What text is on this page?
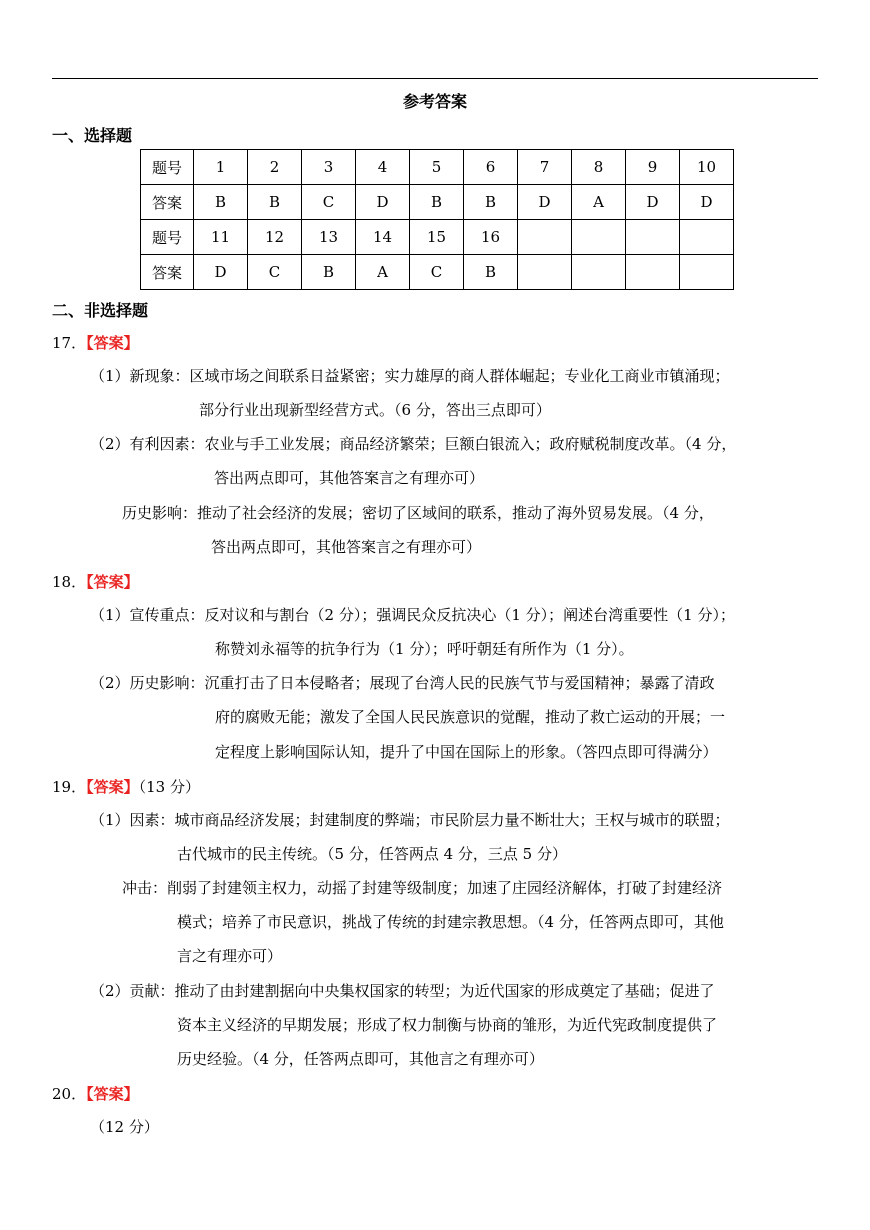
参考答案
一、选择题
题号	1	2	3	4	5	6	7	8	9	10
答案	B	B	C	D	B	B	D	A	D	D
题号	11	12	13	14	15	16				
答案	D	C	B	A	C	B				
二、非选择题
17．【答案】
（1）新现象：区域市场之间联系日益紧密；实力雄厚的商人群体崛起；专业化工商业市镇涌现；
部分行业出现新型经营方式。（6 分，答出三点即可）
（2）有利因素：农业与手工业发展；商品经济繁荣；巨额白银流入；政府赋税制度改革。（4 分，
答出两点即可，其他答案言之有理亦可）
历史影响：推动了社会经济的发展；密切了区域间的联系，推动了海外贸易发展。（4 分，
答出两点即可，其他答案言之有理亦可）
18．【答案】
（1）宣传重点：反对议和与割台（2 分）；强调民众反抗决心（1 分）；阐述台湾重要性（1 分）；
称赞刘永福等的抗争行为（1 分）；呼吁朝廷有所作为（1 分）。
（2）历史影响：沉重打击了日本侵略者；展现了台湾人民的民族气节与爱国精神；暴露了清政
府的腐败无能；激发了全国人民民族意识的觉醒，推动了救亡运动的开展；一
定程度上影响国际认知，提升了中国在国际上的形象。（答四点即可得满分）
19．【答案】（13 分）
（1）因素：城市商品经济发展；封建制度的弊端；市民阶层力量不断壮大；王权与城市的联盟；
古代城市的民主传统。（5 分，任答两点 4 分，三点 5 分）
冲击：削弱了封建领主权力，动摇了封建等级制度；加速了庄园经济解体，打破了封建经济
模式；培养了市民意识，挑战了传统的封建宗教思想。（4 分，任答两点即可，其他
言之有理亦可）
（2）贡献：推动了由封建割据向中央集权国家的转型；为近代国家的形成奠定了基础；促进了
资本主义经济的早期发展；形成了权力制衡与协商的雏形，为近代宪政制度提供了
历史经验。（4 分，任答两点即可，其他言之有理亦可）
20．【答案】
（12 分）
